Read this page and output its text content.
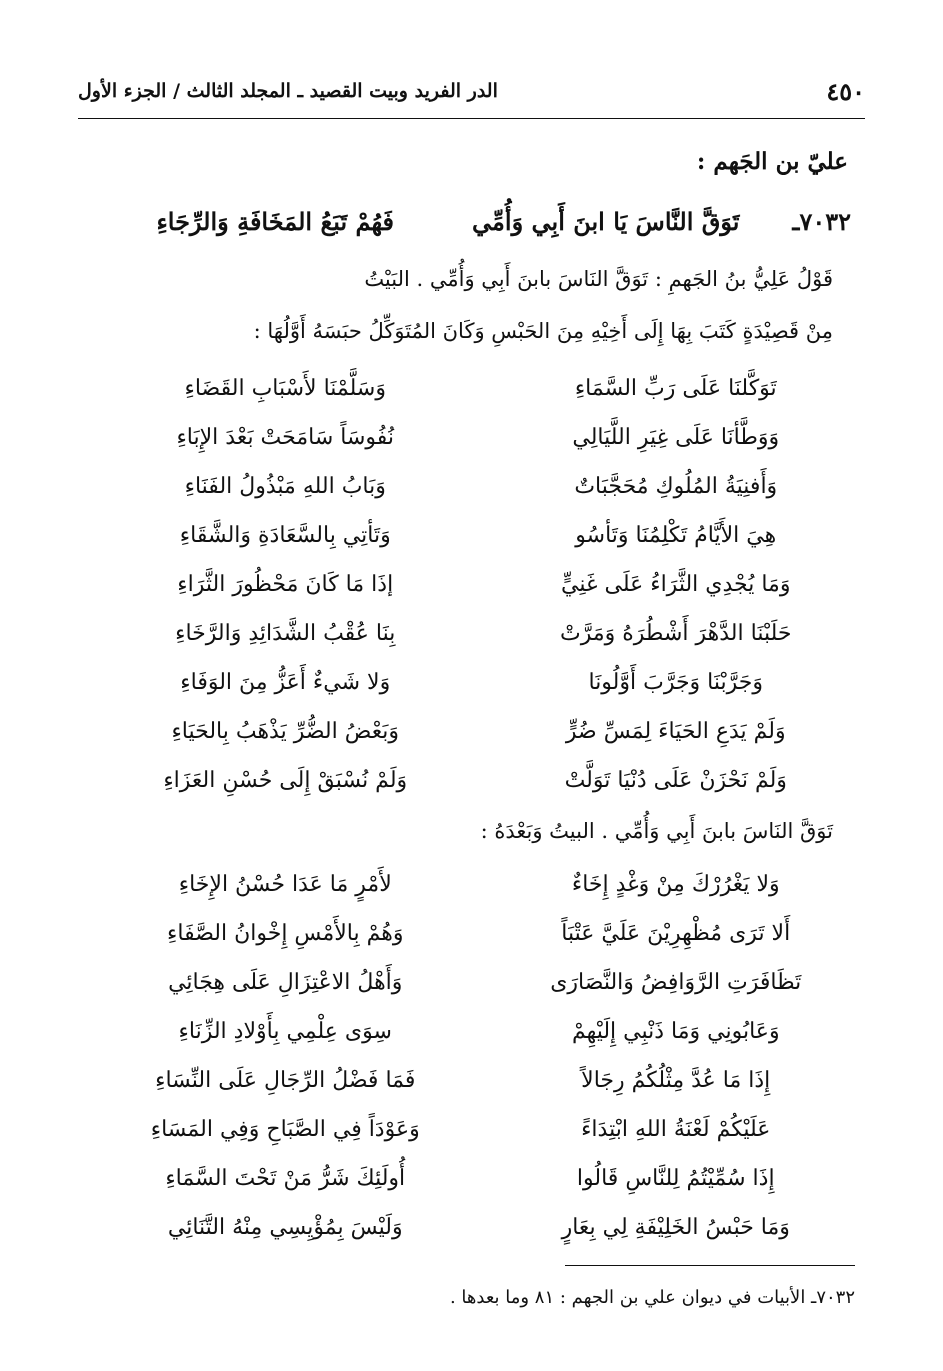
٤٥٠
الدر الفريد وبيت القصيد ـ المجلد الثالث / الجزء الأول
عليّ بن الجَهم :
٧٠٣٢ـ
تَوَقَّ النَّاسَ يَا ابنَ أَبِي وَأُمِّي
فَهُمْ تَبَعُ المَخَافَةِ وَالرِّجَاءِ
قَوْلُ عَلِيُّ بنُ الجَهمِ : تَوَقَّ النَاسَ بابنَ أَبِي وَأُمِّي . البَيْتُ
مِنْ قَصِيْدَةٍ كَتَبَ بِهَا إِلَى أَخِيْهِ مِنَ الحَبْسِ وَكَانَ المُتَوَكِّلُ حبَسَهُ أَوَّلُهَا :
تَوَكَّلنَا عَلَى رَبِّ السَّمَاءِ
وَسَلَّمْنَا لأَسْبَابِ القَضَاءِ
وَوَطَّأنَا عَلَى غِيَرِ اللَّيَالِي
نُفُوسَاً سَامَحَتْ بَعْدَ الإِبَاءِ
وَأَفنِيَةُ المُلُوكِ مُحَجَّبَاتٌ
وَبَابُ اللهِ مَبْذُولُ الفَنَاءِ
هِيَ الأَيَّامُ تَكْلِمُنَا وَتَأسُو
وَتَأتِي بِالسَّعَادَةِ وَالشَّقَاءِ
وَمَا يُجْدِي الثَّرَاءُ عَلَى غَنِيٍّ
إذَا مَا كَانَ مَحْظُورَ الثَّرَاءِ
حَلَبْنَا الدَّهْرَ أَشْطُرَهُ وَمَرَّتْ
بِنَا عُقْبُ الشَّدَائِدِ وَالرَّخَاءِ
وَجَرَّبْنَا وَجَرَّبَ أَوَّلُونَا
وَلا شَيءٌ أَعَزُّ مِنَ الوَفَاءِ
وَلَمْ يَدَعِ الحَيَاءَ لِمَسِّ ضُرٍّ
وَبَعْضُ الضُّرِّ يَذْهَبُ بِالحَيَاءِ
وَلَمْ نَحْزَنْ عَلَى دُنْيَا تَوَلَّتْ
وَلَمْ نُسْبَقْ إِلَى حُسْنِ العَزَاءِ
تَوَقَّ النَاسَ بابنَ أَبِي وَأُمِّي . البيتُ وَبَعْدَهُ :
وَلا يَغْرُرْكَ مِنْ وَغْدٍ إِخَاءٌ
لأَمْرٍ مَا عَدَا حُسْنُ الإِخَاءِ
أَلا تَرَى مُظْهِرِيْنَ عَلَيَّ عَتْبَاً
وَهُمْ بِالأَمْسِ إِخْوانُ الصَّفَاءِ
تَظَافَرَتِ الرَّوَافِضُ وَالنَّصَارَى
وَأَهْلُ الاعْتِزَالِ عَلَى هِجَائِي
وَعَابُونِي وَمَا ذَنْبِي إِلَيْهِمْ
سِوَى عِلْمِي بِأَوْلادِ الزِّنَاءِ
إِذَا مَا عُدَّ مِثْلُكُمُ رِجَالاً
فَمَا فَضْلُ الرِّجَالِ عَلَى النِّسَاءِ
عَلَيْكُمْ لَعْنَةُ اللهِ ابْتِدَاءً
وَعَوْدَاً فِي الصَّبَاحِ وَفِي المَسَاءِ
إِذَا سُمِّيْتُمُ لِلنَّاسِ قَالُوا
أُولَئِكَ شَرُّ مَنْ تَحْتَ السَّمَاءِ
وَمَا حَبْسُ الخَلِيْفَةِ لِي بِعَارٍ
وَلَيْسَ بِمُؤْيِسِي مِنْهُ التَّنَائِي
٧٠٣٢ـ الأبيات في ديوان علي بن الجهم : ٨١ وما بعدها .
